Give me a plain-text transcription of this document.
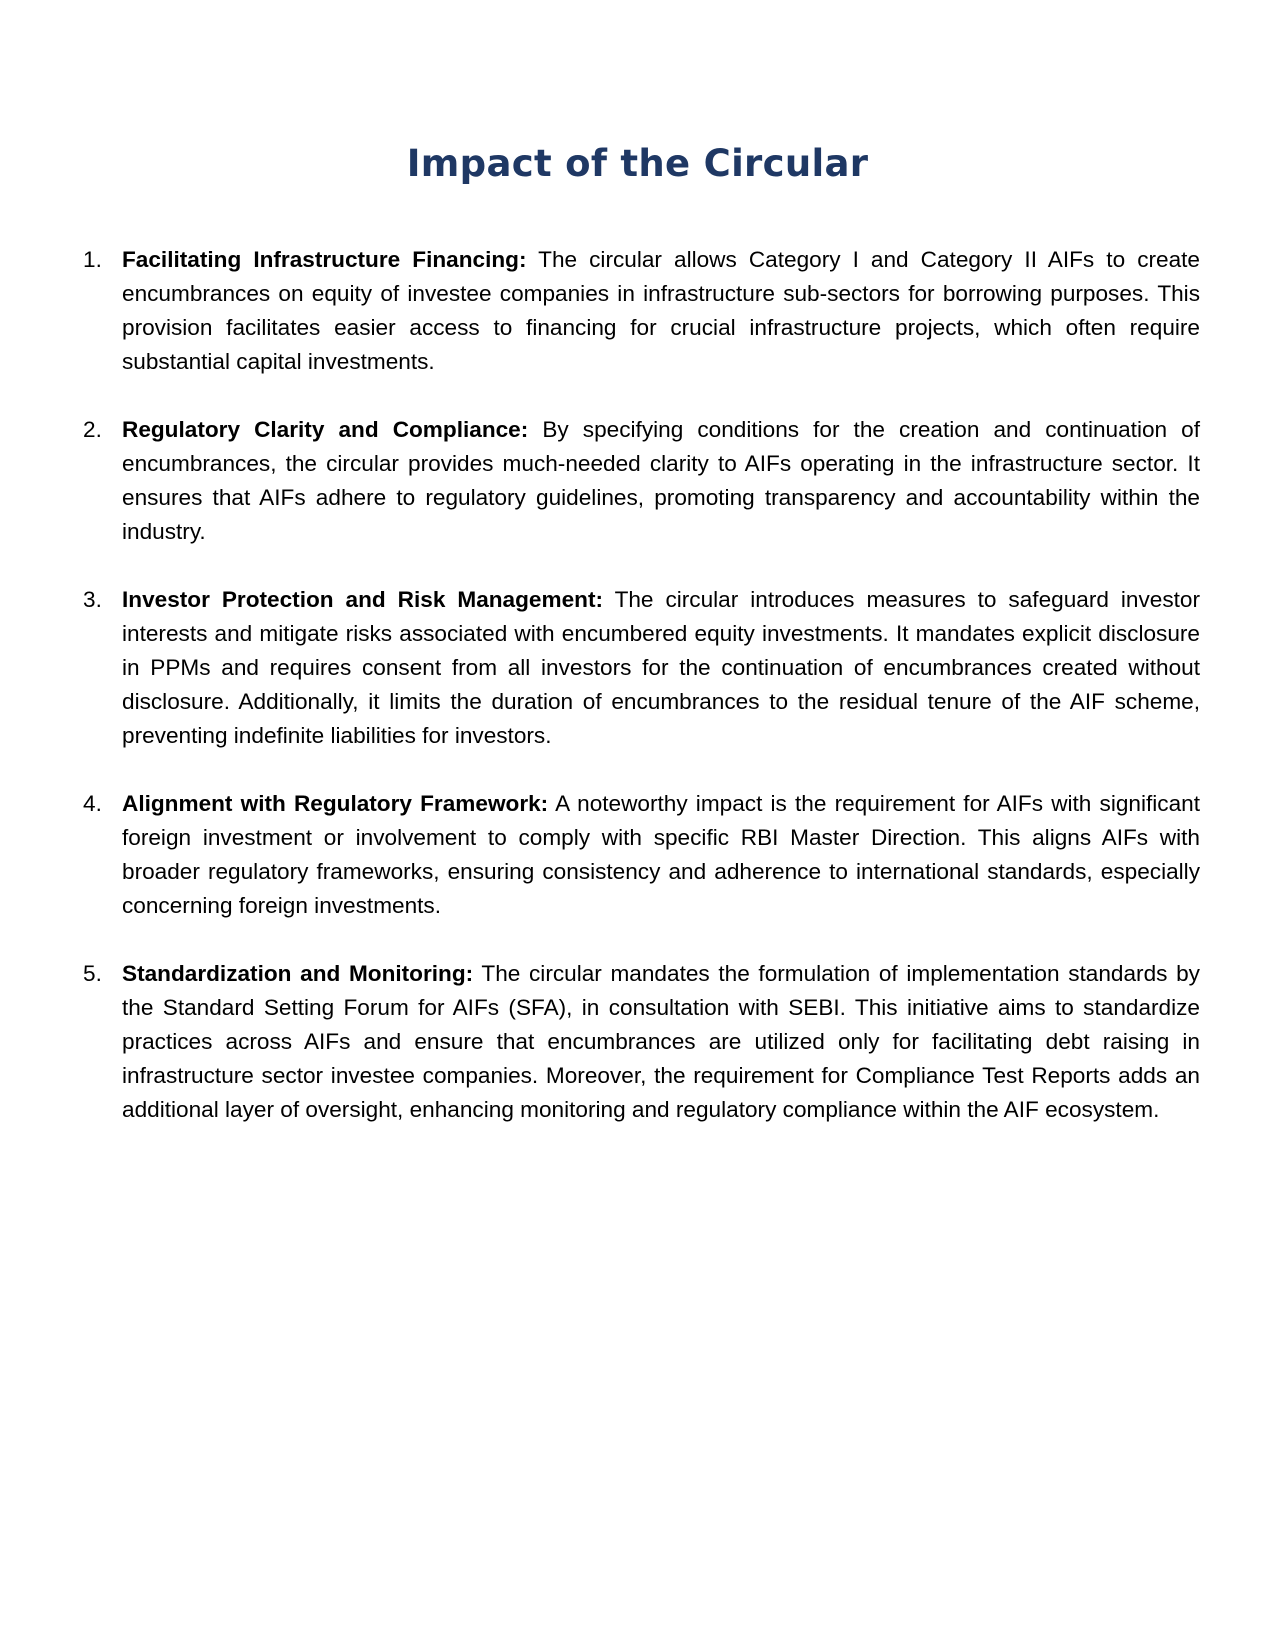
Impact of the Circular
1. Facilitating Infrastructure Financing: The circular allows Category I and Category II AIFs to create encumbrances on equity of investee companies in infrastructure sub-sectors for borrowing purposes. This provision facilitates easier access to financing for crucial infrastructure projects, which often require substantial capital investments.
2. Regulatory Clarity and Compliance: By specifying conditions for the creation and continuation of encumbrances, the circular provides much-needed clarity to AIFs operating in the infrastructure sector. It ensures that AIFs adhere to regulatory guidelines, promoting transparency and accountability within the industry.
3. Investor Protection and Risk Management: The circular introduces measures to safeguard investor interests and mitigate risks associated with encumbered equity investments. It mandates explicit disclosure in PPMs and requires consent from all investors for the continuation of encumbrances created without disclosure. Additionally, it limits the duration of encumbrances to the residual tenure of the AIF scheme, preventing indefinite liabilities for investors.
4. Alignment with Regulatory Framework: A noteworthy impact is the requirement for AIFs with significant foreign investment or involvement to comply with specific RBI Master Direction. This aligns AIFs with broader regulatory frameworks, ensuring consistency and adherence to international standards, especially concerning foreign investments.
5. Standardization and Monitoring: The circular mandates the formulation of implementation standards by the Standard Setting Forum for AIFs (SFA), in consultation with SEBI. This initiative aims to standardize practices across AIFs and ensure that encumbrances are utilized only for facilitating debt raising in infrastructure sector investee companies. Moreover, the requirement for Compliance Test Reports adds an additional layer of oversight, enhancing monitoring and regulatory compliance within the AIF ecosystem.
